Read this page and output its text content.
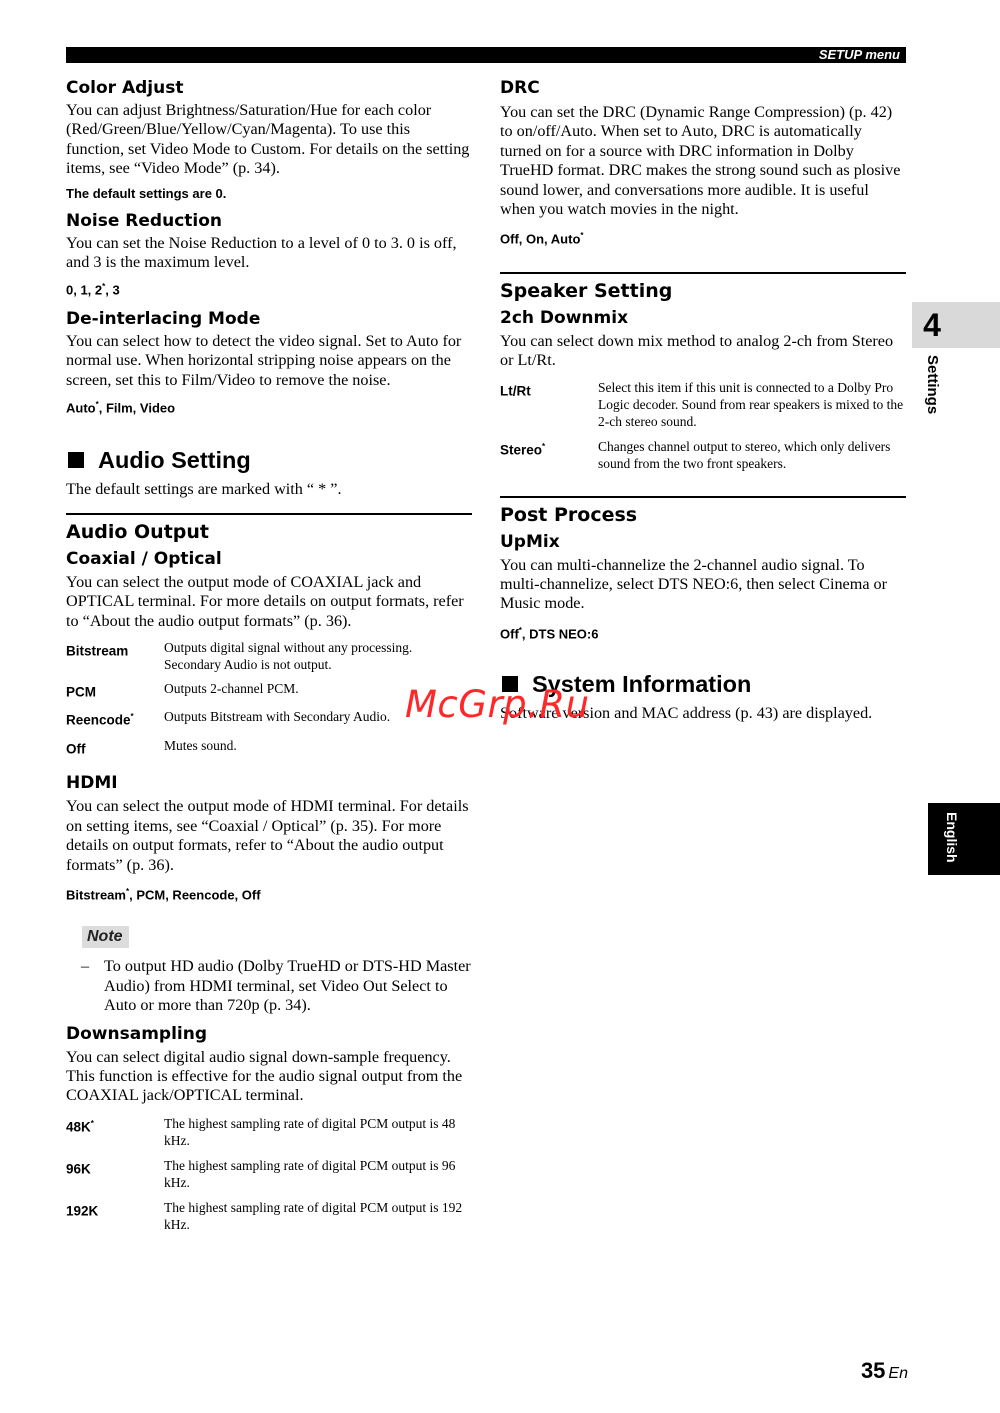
SETUP menu
Color Adjust

You can adjust Brightness/Saturation/Hue for each color (Red/Green/Blue/Yellow/Cyan/Magenta). To use this function, set Video Mode to Custom. For details on the setting items, see “Video Mode” (p. 34).

The default settings are 0.

Noise Reduction

You can set the Noise Reduction to a level of 0 to 3. 0 is off, and 3 is the maximum level.

0, 1, 2*, 3

De-interlacing Mode

You can select how to detect the video signal. Set to Auto for normal use. When horizontal stripping noise appears on the screen, set this to Film/Video to remove the noise.

Auto*, Film, Video

Audio Setting

The default settings are marked with “ * ”.

Audio Output
Coaxial / Optical

You can select the output mode of COAXIAL jack and OPTICAL terminal. For more details on output formats, refer to “About the audio output formats” (p. 36).

Bitstream	Outputs digital signal without any processing. Secondary Audio is not output.
PCM	Outputs 2-channel PCM.
Reencode*	Outputs Bitstream with Secondary Audio.
Off	Mutes sound.
HDMI

You can select the output mode of HDMI terminal. For details on setting items, see “Coaxial / Optical” (p. 35). For more details on output formats, refer to “About the audio output formats” (p. 36).

Bitstream*, PCM, Reencode, Off

Note
– To output HD audio (Dolby TrueHD or DTS-HD Master Audio) from HDMI terminal, set Video Out Select to Auto or more than 720p (p. 34).
Downsampling

You can select digital audio signal down-sample frequency. This function is effective for the audio signal output from the COAXIAL jack/OPTICAL terminal.

48K*	The highest sampling rate of digital PCM output is 48 kHz.
96K	The highest sampling rate of digital PCM output is 96 kHz.
192K	The highest sampling rate of digital PCM output is 192 kHz.
DRC

You can set the DRC (Dynamic Range Compression) (p. 42) to on/off/Auto. When set to Auto, DRC is automatically turned on for a source with DRC information in Dolby TrueHD format. DRC makes the strong sound such as plosive sound lower, and conversations more audible. It is useful when you watch movies in the night.

Off, On, Auto*

Speaker Setting
2ch Downmix

You can select down mix method to analog 2-ch from Stereo or Lt/Rt.

Lt/Rt	Select this item if this unit is connected to a Dolby Pro Logic decoder. Sound from rear speakers is mixed to the 2-ch stereo sound.
Stereo*	Changes channel output to stereo, which only delivers sound from the two front speakers.
Post Process
UpMix

You can multi-channelize the 2-channel audio signal. To multi-channelize, select DTS NEO:6, then select Cinema or Music mode.

Off*, DTS NEO:6

System Information

Software version and MAC address (p. 43) are displayed.

4
Settings
English
McGrp.Ru
35 En
